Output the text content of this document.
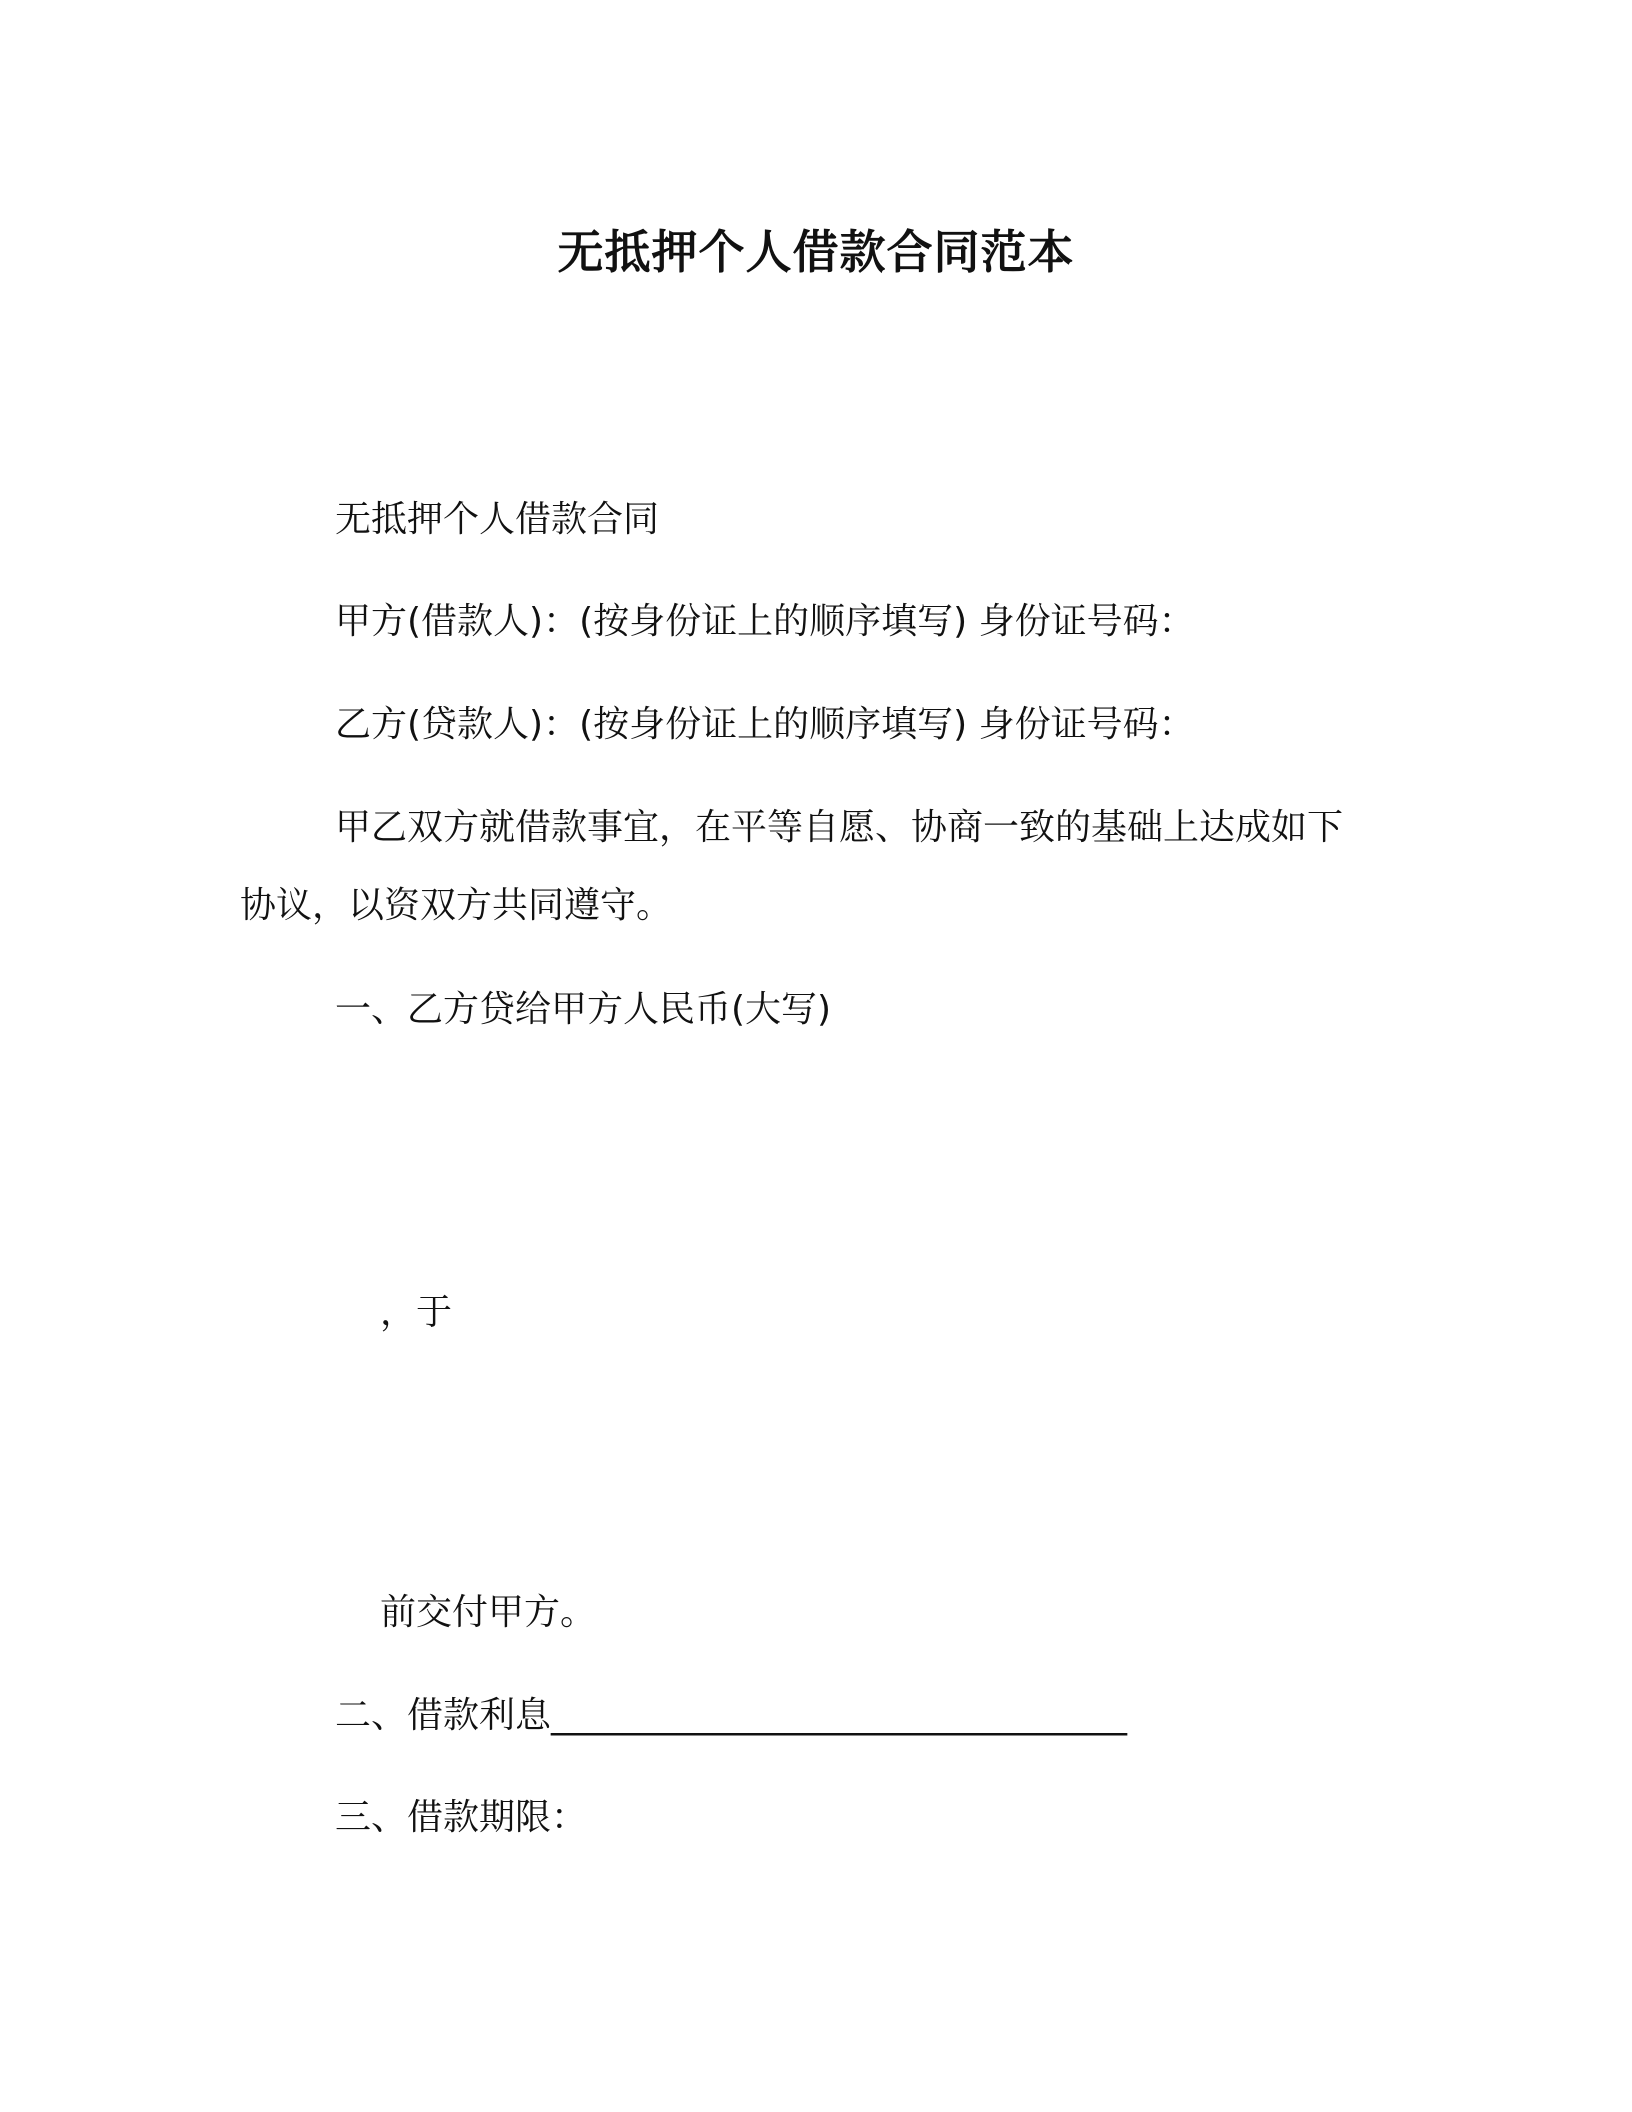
无抵押个人借款合同范本
无抵押个人借款合同
甲方(借款人)：(按身份证上的顺序填写) 身份证号码：
乙方(贷款人)：(按身份证上的顺序填写) 身份证号码：
甲乙双方就借款事宜，在平等自愿、协商一致的基础上达成如下
协议，以资双方共同遵守。
一、乙方贷给甲方人民币(大写)
，于
前交付甲方。
二、借款利息________________________________
三、借款期限：
